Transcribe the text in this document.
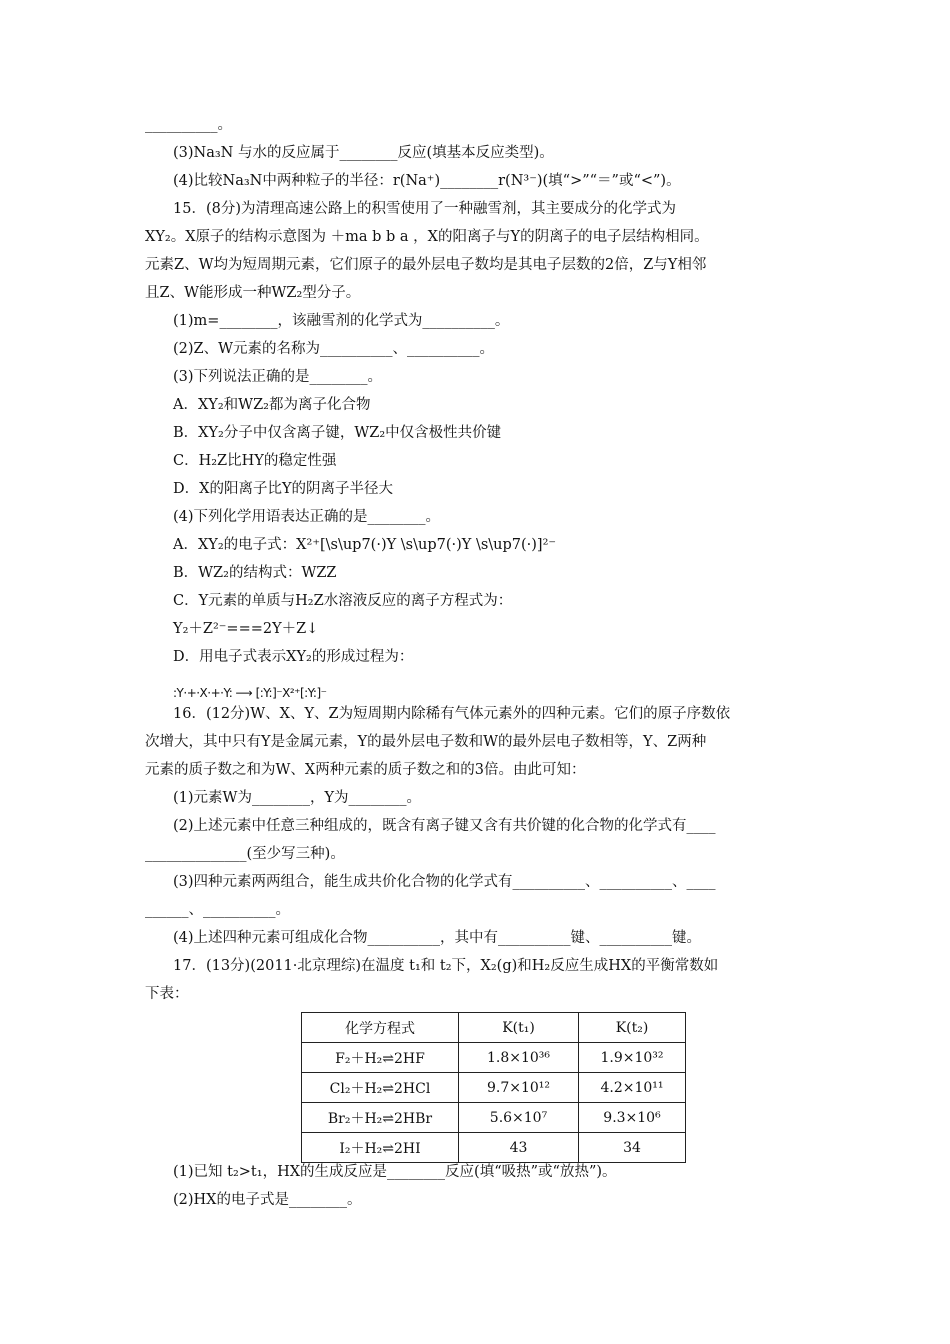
__________。
(3)Na₃N 与水的反应属于________反应(填基本反应类型)。
(4)比较Na₃N中两种粒子的半径：r(Na⁺)________r(N³⁻)(填“>”“＝”或“<”)。
15．(8分)为清理高速公路上的积雪使用了一种融雪剂，其主要成分的化学式为
XY₂。X原子的结构示意图为 ＋ma b b a ，X的阳离子与Y的阴离子的电子层结构相同。
元素Z、W均为短周期元素，它们原子的最外层电子数均是其电子层数的2倍，Z与Y相邻
且Z、W能形成一种WZ₂型分子。
(1)m=________，该融雪剂的化学式为__________。
(2)Z、W元素的名称为__________、__________。
(3)下列说法正确的是________。
A．XY₂和WZ₂都为离子化合物
B．XY₂分子中仅含离子键，WZ₂中仅含极性共价键
C．H₂Z比HY的稳定性强
D．X的阳离子比Y的阴离子半径大
(4)下列化学用语表达正确的是________。
A．XY₂的电子式：X²⁺[\s\up7(·)Y \s\up7(·)Y \s\up7(·)]²⁻
B．WZ₂的结构式：WZZ
C．Y元素的单质与H₂Z水溶液反应的离子方程式为：
Y₂＋Z²⁻===2Y＋Z↓
D．用电子式表示XY₂的形成过程为：
16．(12分)W、X、Y、Z为短周期内除稀有气体元素外的四种元素。它们的原子序数依
次增大，其中只有Y是金属元素，Y的最外层电子数和W的最外层电子数相等，Y、Z两种
元素的质子数之和为W、X两种元素的质子数之和的3倍。由此可知：
(1)元素W为________，Y为________。
(2)上述元素中任意三种组成的，既含有离子键又含有共价键的化合物的化学式有____
______________(至少写三种)。
(3)四种元素两两组合，能生成共价化合物的化学式有__________、__________、____
______、__________。
(4)上述四种元素可组成化合物__________，其中有__________键、__________键。
17．(13分)(2011·北京理综)在温度 t₁和 t₂下，X₂(g)和H₂反应生成HX的平衡常数如
下表：
(1)已知 t₂>t₁，HX的生成反应是________反应(填“吸热”或“放热”)。
(2)HX的电子式是________。
:Y·+·X·+·Y: ⟶ [:Y:]⁻X²⁺[:Y:]⁻
化学方程式	K(t₁)	K(t₂)
F₂＋H₂⇌2HF	1.8×10³⁶	1.9×10³²
Cl₂＋H₂⇌2HCl	9.7×10¹²	4.2×10¹¹
Br₂＋H₂⇌2HBr	5.6×10⁷	9.3×10⁶
I₂＋H₂⇌2HI	43	34
